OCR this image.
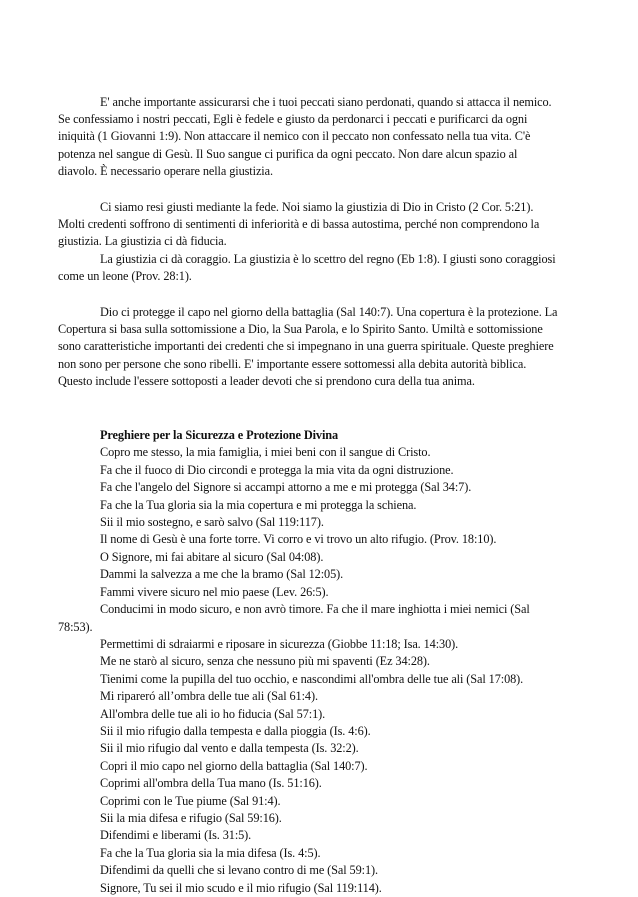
E' anche importante assicurarsi che i tuoi peccati siano perdonati, quando si attacca il nemico.
Se confessiamo i nostri peccati, Egli è fedele e giusto da perdonarci i peccati e purificarci da ogni
iniquità (1 Giovanni 1:9). Non attaccare il nemico con il peccato non confessato nella tua vita. C'è
potenza nel sangue di Gesù. Il Suo sangue ci purifica da ogni peccato. Non dare alcun spazio al
diavolo. È necessario operare nella giustizia.

Ci siamo resi giusti mediante la fede. Noi siamo la giustizia di Dio in Cristo (2 Cor. 5:21).
Molti credenti soffrono di sentimenti di inferiorità e di bassa autostima, perché non comprendono la
giustizia. La giustizia ci dà fiducia.

La giustizia ci dà coraggio. La giustizia è lo scettro del regno (Eb 1:8). I giusti sono coraggiosi
come un leone (Prov. 28:1).

Dio ci protegge il capo nel giorno della battaglia (Sal 140:7). Una copertura è la protezione. La
Copertura si basa sulla sottomissione a Dio, la Sua Parola, e lo Spirito Santo. Umiltà e sottomissione
sono caratteristiche importanti dei credenti che si impegnano in una guerra spirituale. Queste preghiere
non sono per persone che sono ribelli. E' importante essere sottomessi alla debita autorità biblica.
Questo include l'essere sottoposti a leader devoti che si prendono cura della tua anima.

Preghiere per la Sicurezza e Protezione Divina
Copro me stesso, la mia famiglia, i miei beni con il sangue di Cristo.
Fa che il fuoco di Dio circondi e protegga la mia vita da ogni distruzione.
Fa che l'angelo del Signore si accampi attorno a me e mi protegga (Sal 34:7).
Fa che la Tua gloria sia la mia copertura e mi protegga la schiena.
Sii il mio sostegno, e sarò salvo (Sal 119:117).
Il nome di Gesù è una forte torre. Vi corro e vi trovo un alto rifugio. (Prov. 18:10).
O Signore, mi fai abitare al sicuro (Sal 04:08).
Dammi la salvezza a me che la bramo (Sal 12:05).
Fammi vivere sicuro nel mio paese (Lev. 26:5).
Conducimi in modo sicuro, e non avrò timore. Fa che il mare inghiotta i miei nemici (Sal
78:53).
Permettimi di sdraiarmi e riposare in sicurezza (Giobbe 11:18; Isa. 14:30).
Me ne starò al sicuro, senza che nessuno più mi spaventi (Ez 34:28).
Tienimi come la pupilla del tuo occhio, e nascondimi all'ombra delle tue ali (Sal 17:08).
Mi ripareró all’ombra delle tue ali (Sal 61:4).
All'ombra delle tue ali io ho fiducia (Sal 57:1).
Sii il mio rifugio dalla tempesta e dalla pioggia (Is. 4:6).
Sii il mio rifugio dal vento e dalla tempesta (Is. 32:2).
Copri il mio capo nel giorno della battaglia (Sal 140:7).
Coprimi all'ombra della Tua mano (Is. 51:16).
Coprimi con le Tue piume (Sal 91:4).
Sii la mia difesa e rifugio (Sal 59:16).
Difendimi e liberami (Is. 31:5).
Fa che la Tua gloria sia la mia difesa (Is. 4:5).
Difendimi da quelli che si levano contro di me (Sal 59:1).
Signore, Tu sei il mio scudo e il mio rifugio (Sal 119:114).
